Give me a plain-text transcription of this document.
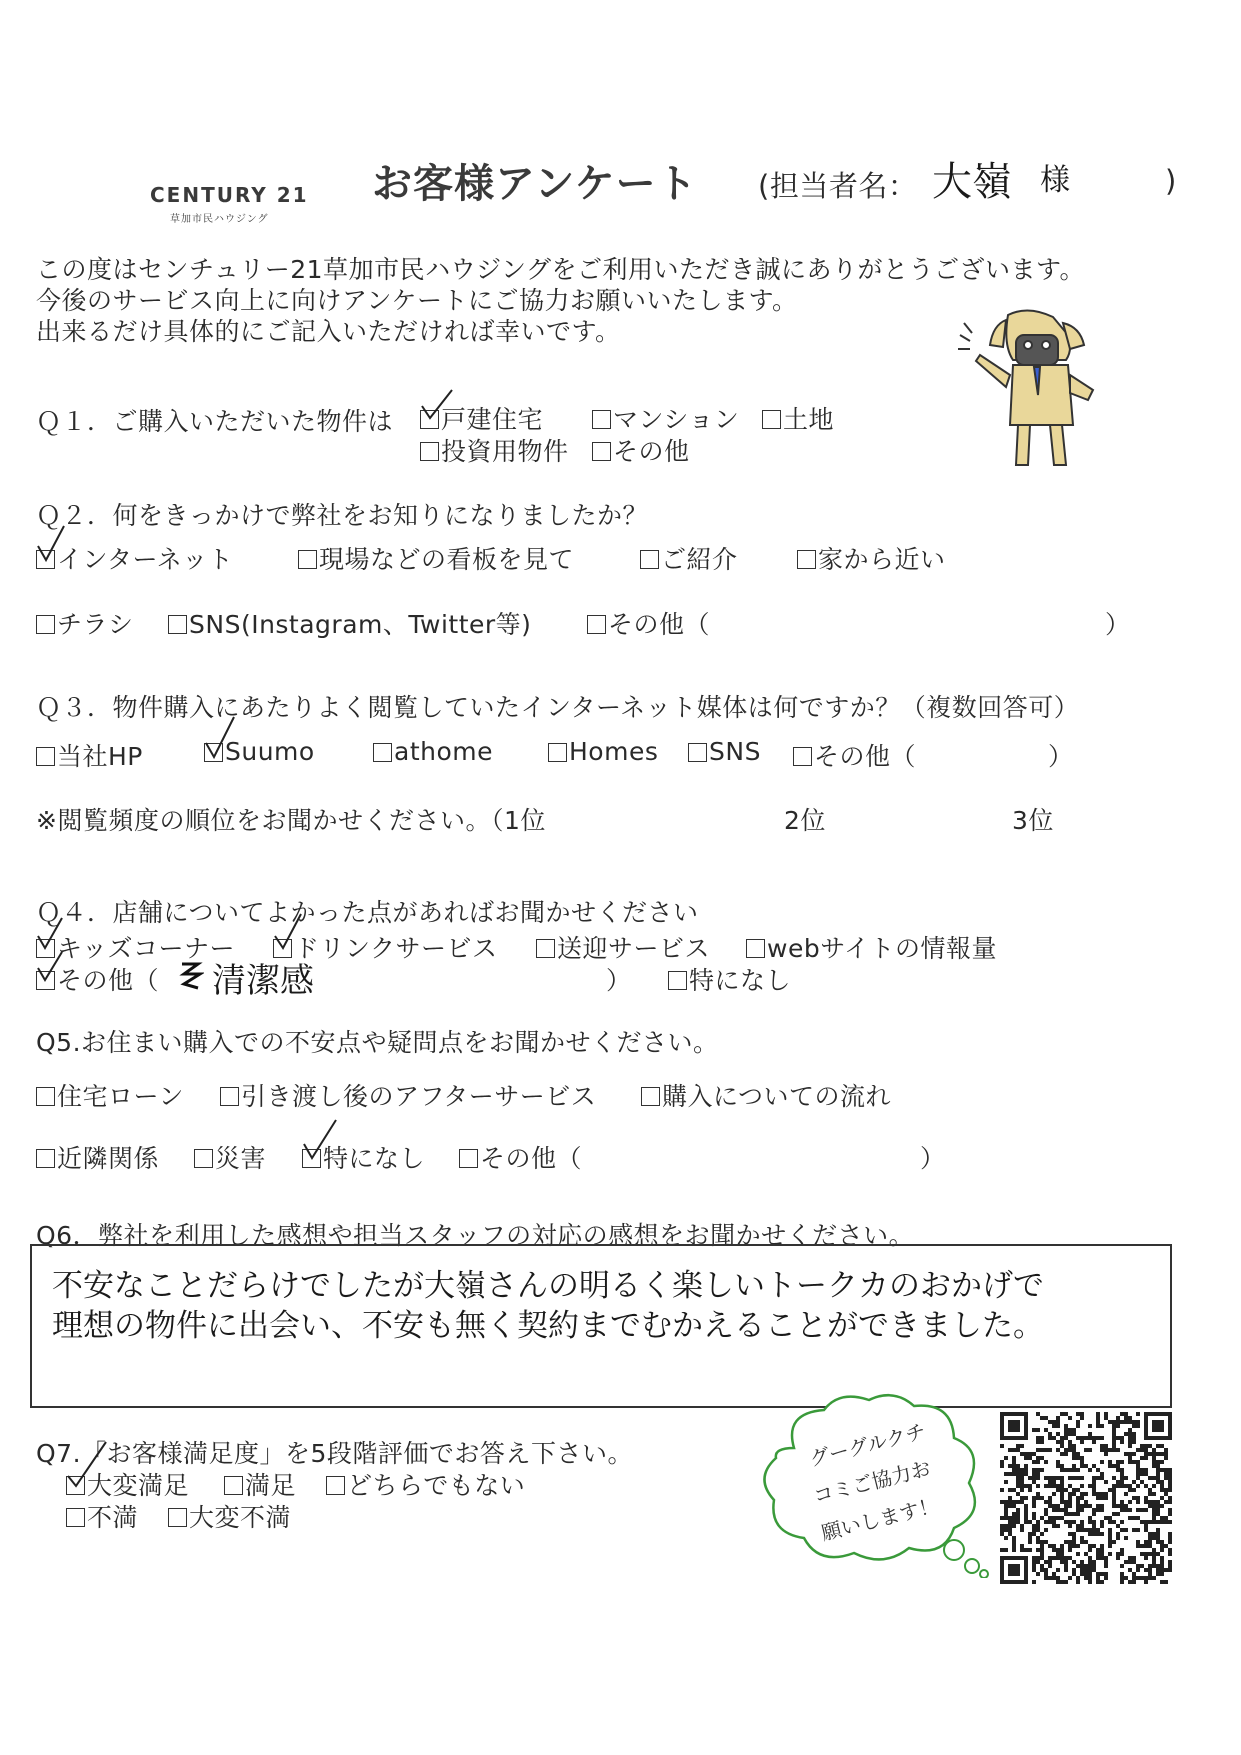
CENTURY 21
草加市民ハウジング
お客様アンケート (担当者名： 大嶺 様	)
この度はセンチュリー21草加市民ハウジングをご利用いただき誠にありがとうございます。
今後のサービス向上に向けアンケートにご協力お願いいたします。
出来るだけ具体的にご記入いただければ幸いです。
Ｑ１．ご購入いただいた物件は 戸建住宅	マンション 土地
投資用物件 その他
Ｑ２．何をきっかけで弊社をお知りになりましたか？
インターネット	現場などの看板を見て	ご紹介	家から近い
チラシ SNS(Instagram、Twitter等)	その他（	）
Ｑ３．物件購入にあたりよく閲覧していたインターネット媒体は何ですか？（複数回答可）
当社HP	Suumo	athome	Homes SNS その他（	）
※閲覧頻度の順位をお聞かせください。（1位	2位	3位
Ｑ４．店舗についてよかった点があればお聞かせください
キッズコーナー ドリンクサービス 送迎サービス webサイトの情報量
その他（ 清潔感	） 特になし
Q5.お住まい購入での不安点や疑問点をお聞かせください。
住宅ローン 引き渡し後のアフターサービス	購入についての流れ
近隣関係 災害 特になし その他（	）
Q6．弊社を利用した感想や担当スタッフの対応の感想をお聞かせください。
不安なことだらけでしたが大嶺さんの明るく楽しいトークカのおかげで
理想の物件に出会い、不安も無く契約までむかえることができました。
Q7.「お客様満足度」を5段階評価でお答え下さい。
大変満足 満足 どちらでもない
不満 大変不満
グーグルクチ
コミご協力お
願いします！
